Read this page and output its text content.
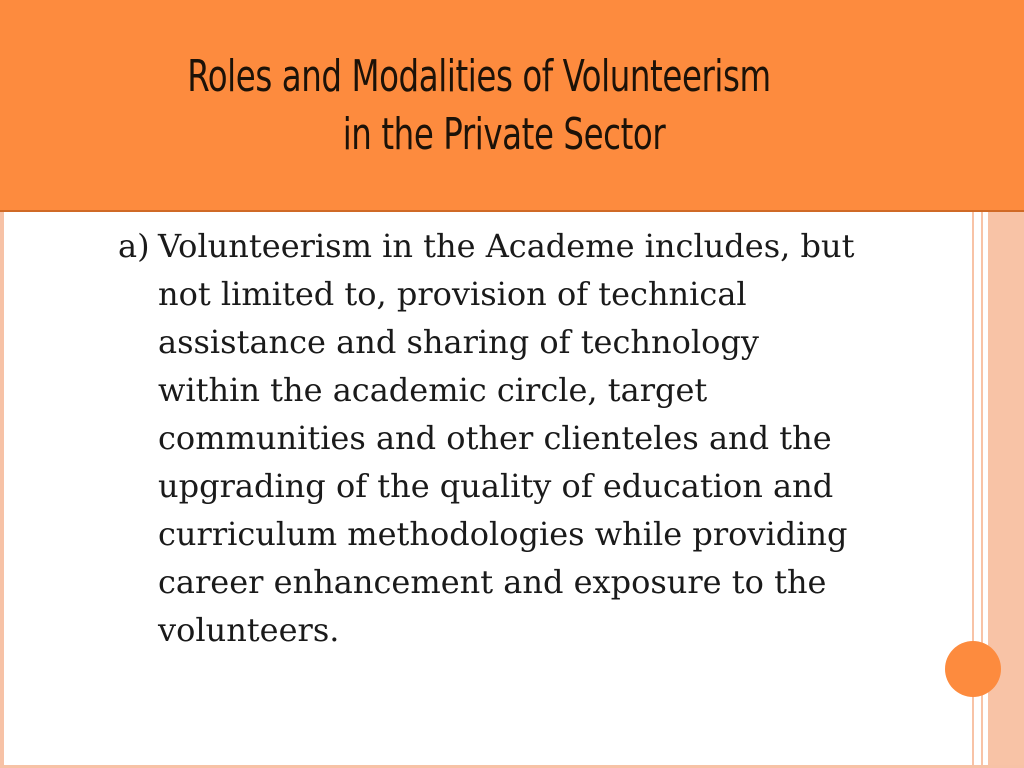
Roles and Modalities of Volunteerism
in the Private Sector
a) Volunteerism in the Academe includes, but
not limited to, provision of technical
assistance and sharing of technology
within the academic circle, target
communities and other clienteles and the
upgrading of the quality of education and
curriculum methodologies while providing
career enhancement and exposure to the
volunteers.
